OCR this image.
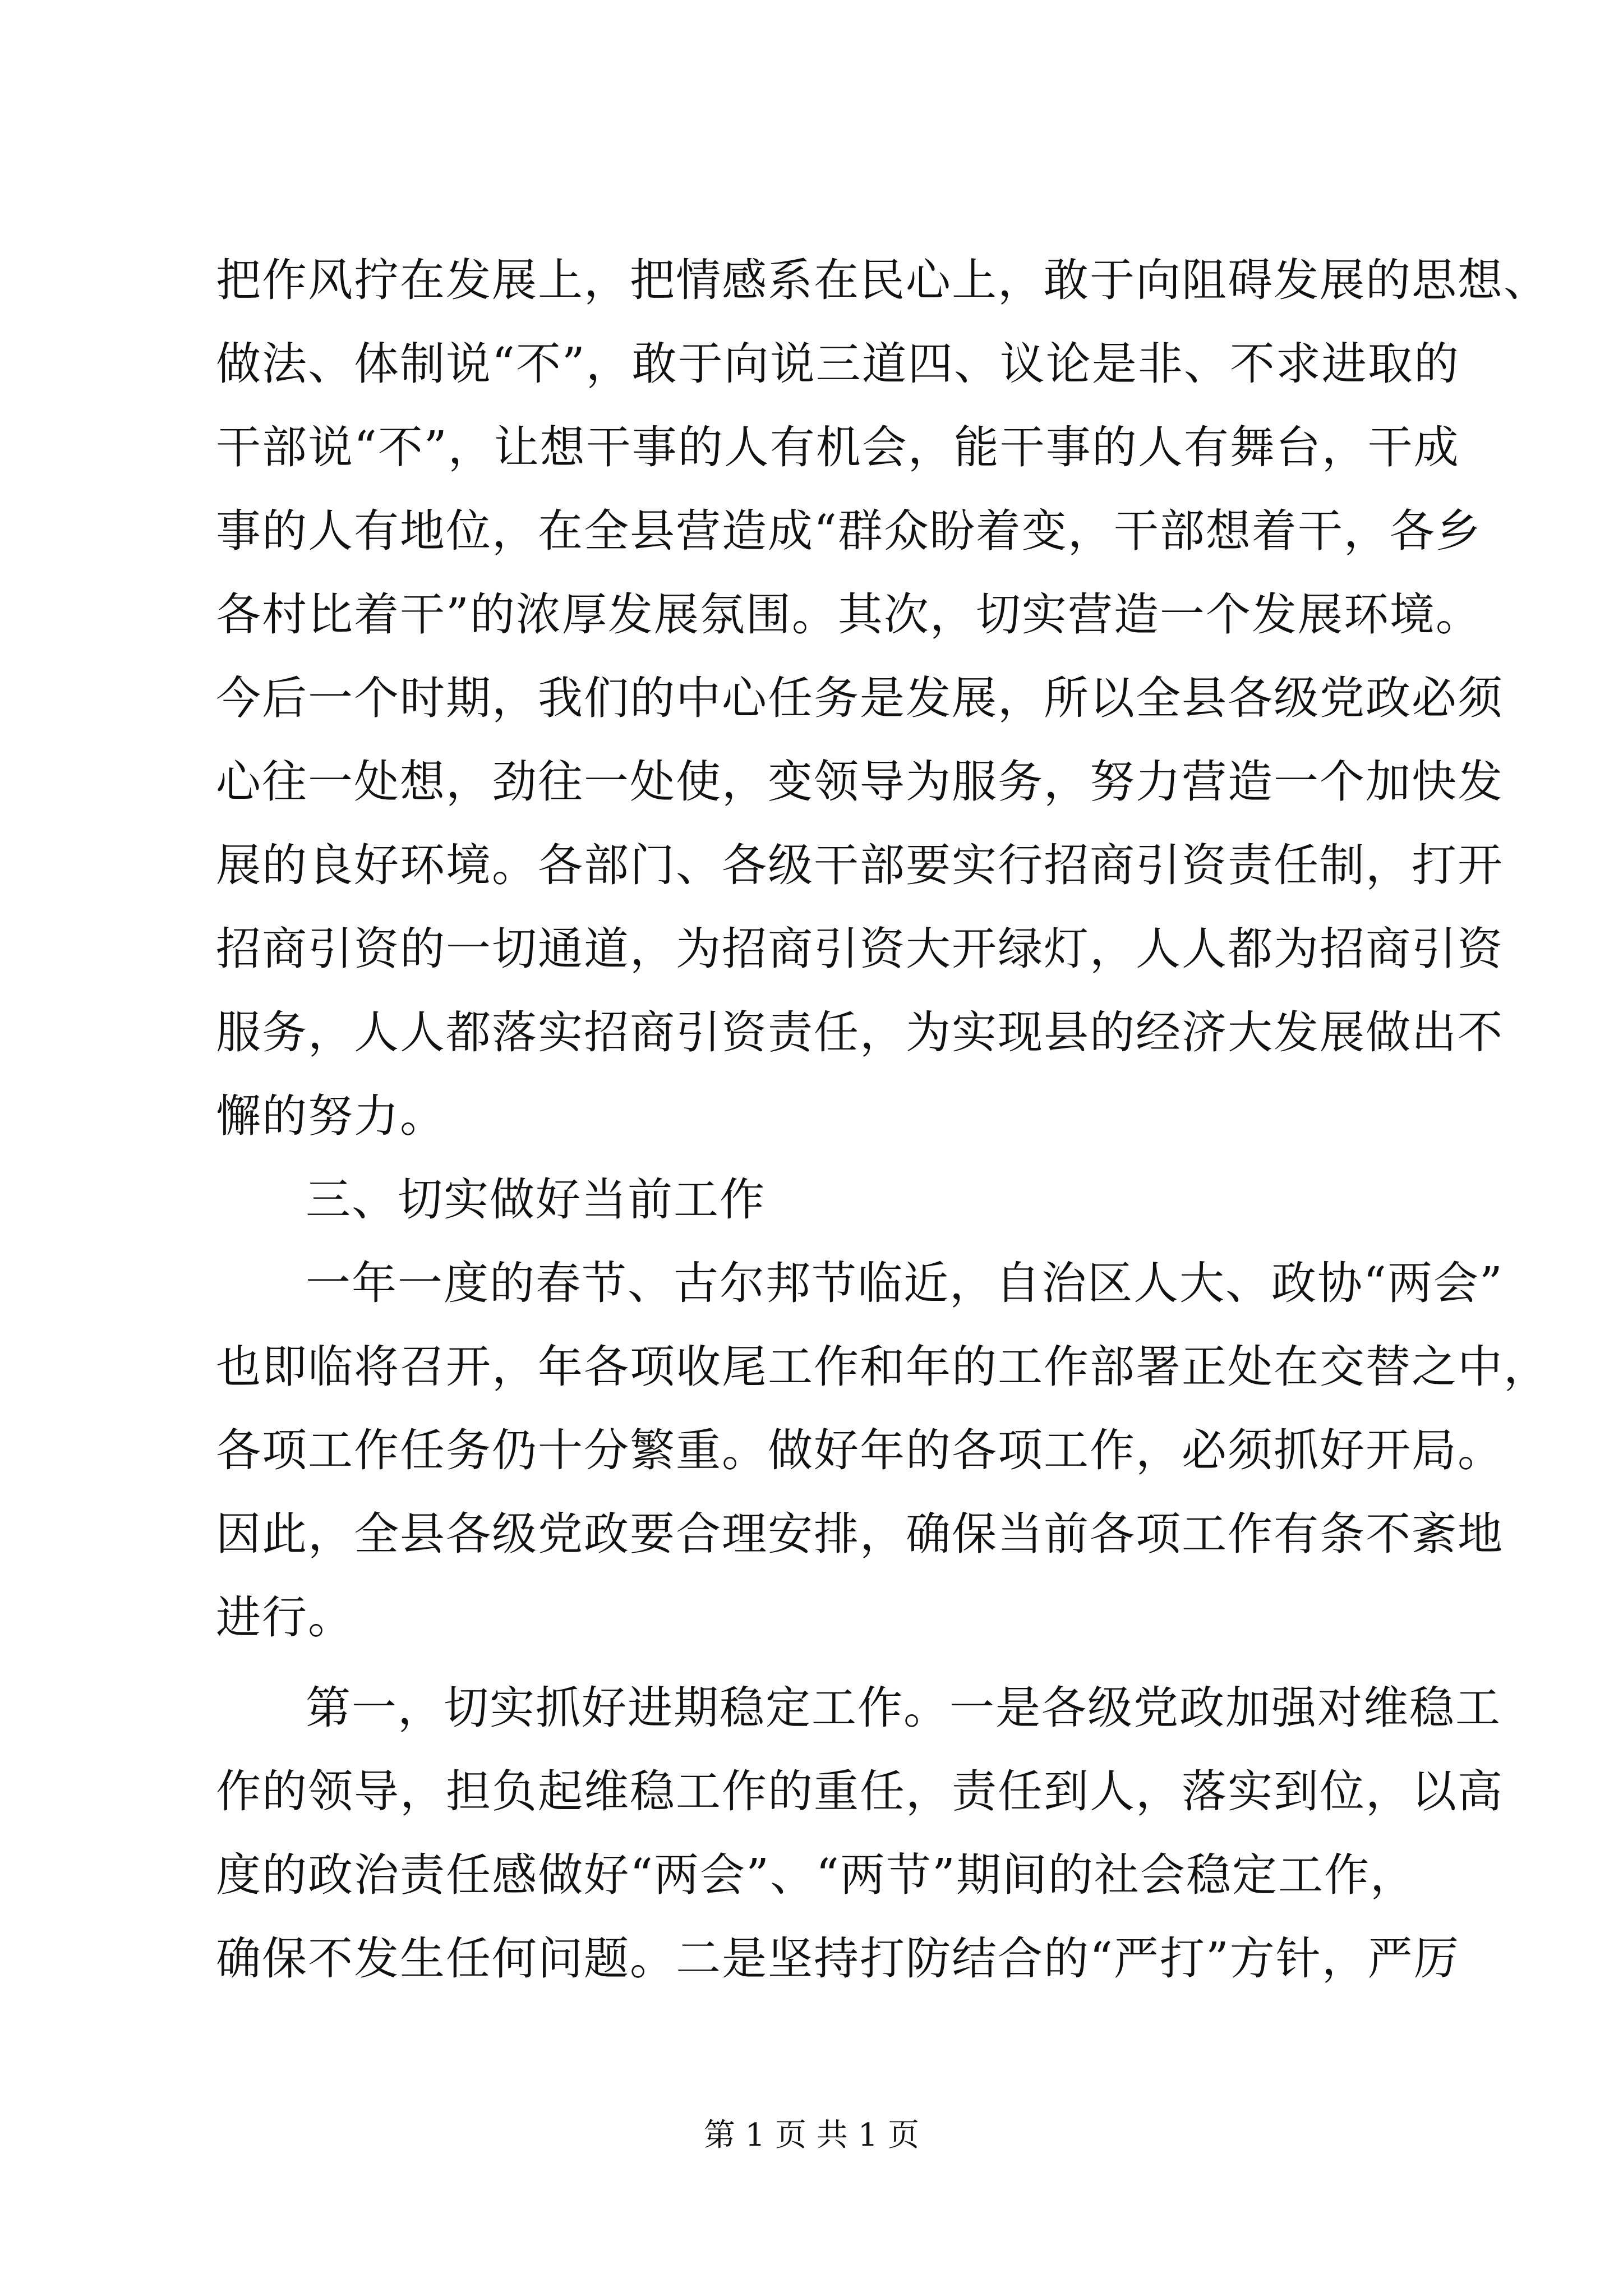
把作风拧在发展上，把情感系在民心上，敢于向阻碍发展的思想、
做法、体制说“不”，敢于向说三道四、议论是非、不求进取的
干部说“不”，让想干事的人有机会，能干事的人有舞台，干成
事的人有地位，在全县营造成“群众盼着变，干部想着干，各乡
各村比着干”的浓厚发展氛围。其次，切实营造一个发展环境。
今后一个时期，我们的中心任务是发展，所以全县各级党政必须
心往一处想，劲往一处使，变领导为服务，努力营造一个加快发
展的良好环境。各部门、各级干部要实行招商引资责任制，打开
招商引资的一切通道，为招商引资大开绿灯，人人都为招商引资
服务，人人都落实招商引资责任，为实现县的经济大发展做出不
懈的努力。
三、切实做好当前工作
一年一度的春节、古尔邦节临近，自治区人大、政协“两会”
也即临将召开，年各项收尾工作和年的工作部署正处在交替之中，
各项工作任务仍十分繁重。做好年的各项工作，必须抓好开局。
因此，全县各级党政要合理安排，确保当前各项工作有条不紊地
进行。
第一，切实抓好进期稳定工作。一是各级党政加强对维稳工
作的领导，担负起维稳工作的重任，责任到人，落实到位，以高
度的政治责任感做好“两会”、“两节”期间的社会稳定工作，
确保不发生任何问题。二是坚持打防结合的“严打”方针，严厉
第 1 页 共 1 页
